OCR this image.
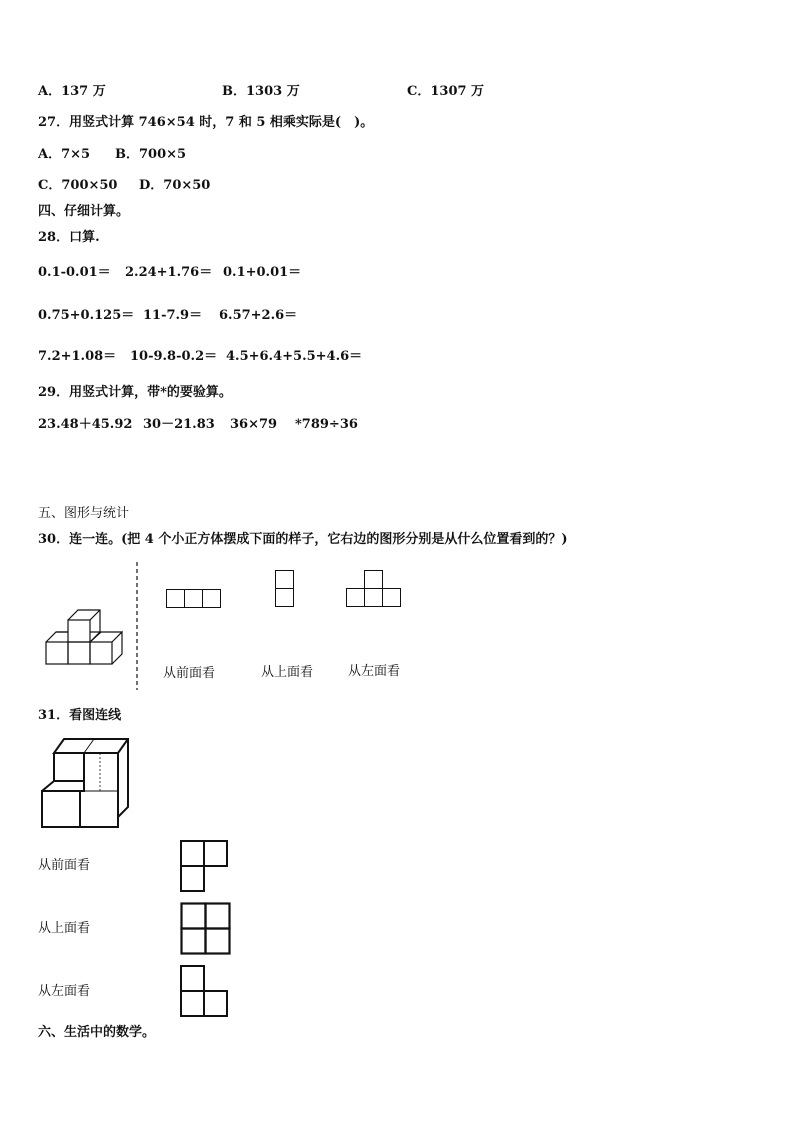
A．137 万	B．1303 万	C．1307 万
27．用竖式计算 746×54 时，7 和 5 相乘实际是(　)。
A．7×5 B．700×5
C．700×50 D．70×50
四、仔细计算。
28．口算.
0.1-0.01＝ 2.24+1.76＝ 0.1+0.01＝
0.75+0.125＝ 11-7.9＝ 6.57+2.6＝
7.2+1.08＝ 10-9.8-0.2＝ 4.5+6.4+5.5+4.6＝
29．用竖式计算，带*的要验算。
23.48＋45.92 30－21.83 36×79 *789÷36
五、图形与统计
30．连一连。(把 4 个小正方体摆成下面的样子，它右边的图形分别是从什么位置看到的？)
从前面看	从上面看	从左面看
31．看图连线
从前面看
从上面看
从左面看
六、生活中的数学。
